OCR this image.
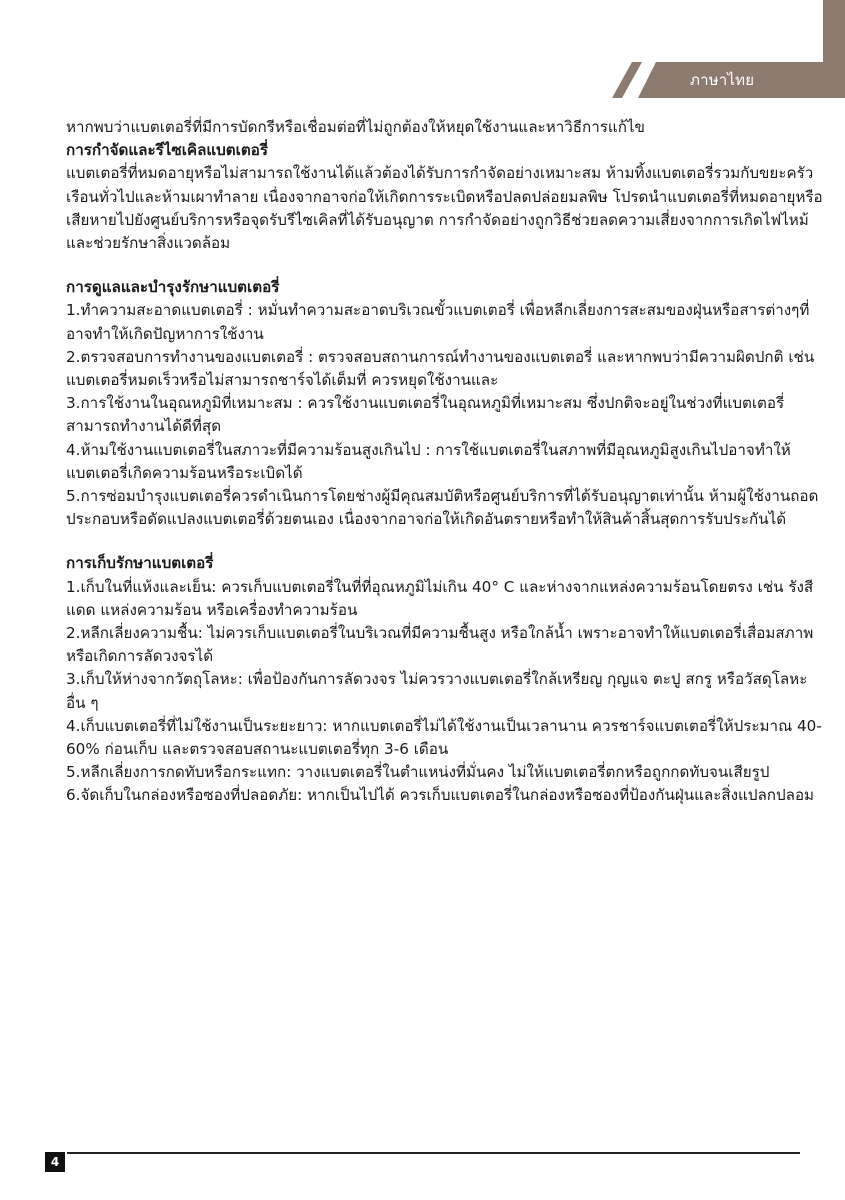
ภาษาไทย

หากพบว่าแบตเตอรี่ที่มีการบัดกรีหรือเชื่อมต่อที่ไม่ถูกต้องให้หยุดใช้งานและหาวิธีการแก้ไข

การกำจัดและรีไซเคิลแบตเตอรี่

แบตเตอรี่ที่หมดอายุหรือไม่สามารถใช้งานได้แล้วต้องได้รับการกำจัดอย่างเหมาะสม ห้ามทิ้งแบตเตอรี่รวมกับขยะครัวเรือนทั่วไปและห้ามเผาทำลาย เนื่องจากอาจก่อให้เกิดการระเบิดหรือปลดปล่อยมลพิษ โปรดนำแบตเตอรี่ที่หมดอายุหรือเสียหายไปยังศูนย์บริการหรือจุดรับรีไซเคิลที่ได้รับอนุญาต การกำจัดอย่างถูกวิธีช่วยลดความเสี่ยงจากการเกิดไฟไหม้และช่วยรักษาสิ่งแวดล้อม

การดูแลและบำรุงรักษาแบตเตอรี่

1.ทำความสะอาดแบตเตอรี่ : หมั่นทำความสะอาดบริเวณขั้วแบตเตอรี่ เพื่อหลีกเลี่ยงการสะสมของฝุ่นหรือสารต่างๆที่อาจทำให้เกิดปัญหาการใช้งาน

2.ตรวจสอบการทำงานของแบตเตอรี่ : ตรวจสอบสถานการณ์ทำงานของแบตเตอรี่ และหากพบว่ามีความผิดปกติ เช่น แบตเตอรี่หมดเร็วหรือไม่สามารถชาร์จได้เต็มที่ ควรหยุดใช้งานและ

3.การใช้งานในอุณหภูมิที่เหมาะสม : ควรใช้งานแบตเตอรี่ในอุณหภูมิที่เหมาะสม ซึ่งปกติจะอยู่ในช่วงที่แบตเตอรี่สามารถทำงานได้ดีที่สุด

4.ห้ามใช้งานแบตเตอรี่ในสภาวะที่มีความร้อนสูงเกินไป : การใช้แบตเตอรี่ในสภาพที่มีอุณหภูมิสูงเกินไปอาจทำให้แบตเตอรี่เกิดความร้อนหรือระเบิดได้

5.การซ่อมบำรุงแบตเตอรี่ควรดำเนินการโดยช่างผู้มีคุณสมบัติหรือศูนย์บริการที่ได้รับอนุญาตเท่านั้น ห้ามผู้ใช้งานถอดประกอบหรือดัดแปลงแบตเตอรี่ด้วยตนเอง เนื่องจากอาจก่อให้เกิดอันตรายหรือทำให้สินค้าสิ้นสุดการรับประกันได้

การเก็บรักษาแบตเตอรี่

1.เก็บในที่แห้งและเย็น: ควรเก็บแบตเตอรี่ในที่ที่อุณหภูมิไม่เกิน 40° C และห่างจากแหล่งความร้อนโดยตรง เช่น รังสีแดด แหล่งความร้อน หรือเครื่องทำความร้อน

2.หลีกเลี่ยงความชื้น: ไม่ควรเก็บแบตเตอรี่ในบริเวณที่มีความชื้นสูง หรือใกล้น้ำ เพราะอาจทำให้แบตเตอรี่เสื่อมสภาพหรือเกิดการลัดวงจรได้

3.เก็บให้ห่างจากวัตถุโลหะ: เพื่อป้องกันการลัดวงจร ไม่ควรวางแบตเตอรี่ใกล้เหรียญ กุญแจ ตะปู สกรู หรือวัสดุโลหะอื่น ๆ

4.เก็บแบตเตอรี่ที่ไม่ใช้งานเป็นระยะยาว: หากแบตเตอรี่ไม่ได้ใช้งานเป็นเวลานาน ควรชาร์จแบตเตอรี่ให้ประมาณ 40-60% ก่อนเก็บ และตรวจสอบสถานะแบตเตอรี่ทุก 3-6 เดือน

5.หลีกเลี่ยงการกดทับหรือกระแทก: วางแบตเตอรี่ในตำแหน่งที่มั่นคง ไม่ให้แบตเตอรี่ตกหรือถูกกดทับจนเสียรูป

6.จัดเก็บในกล่องหรือซองที่ปลอดภัย: หากเป็นไปได้ ควรเก็บแบตเตอรี่ในกล่องหรือซองที่ป้องกันฝุ่นและสิ่งแปลกปลอม

4
